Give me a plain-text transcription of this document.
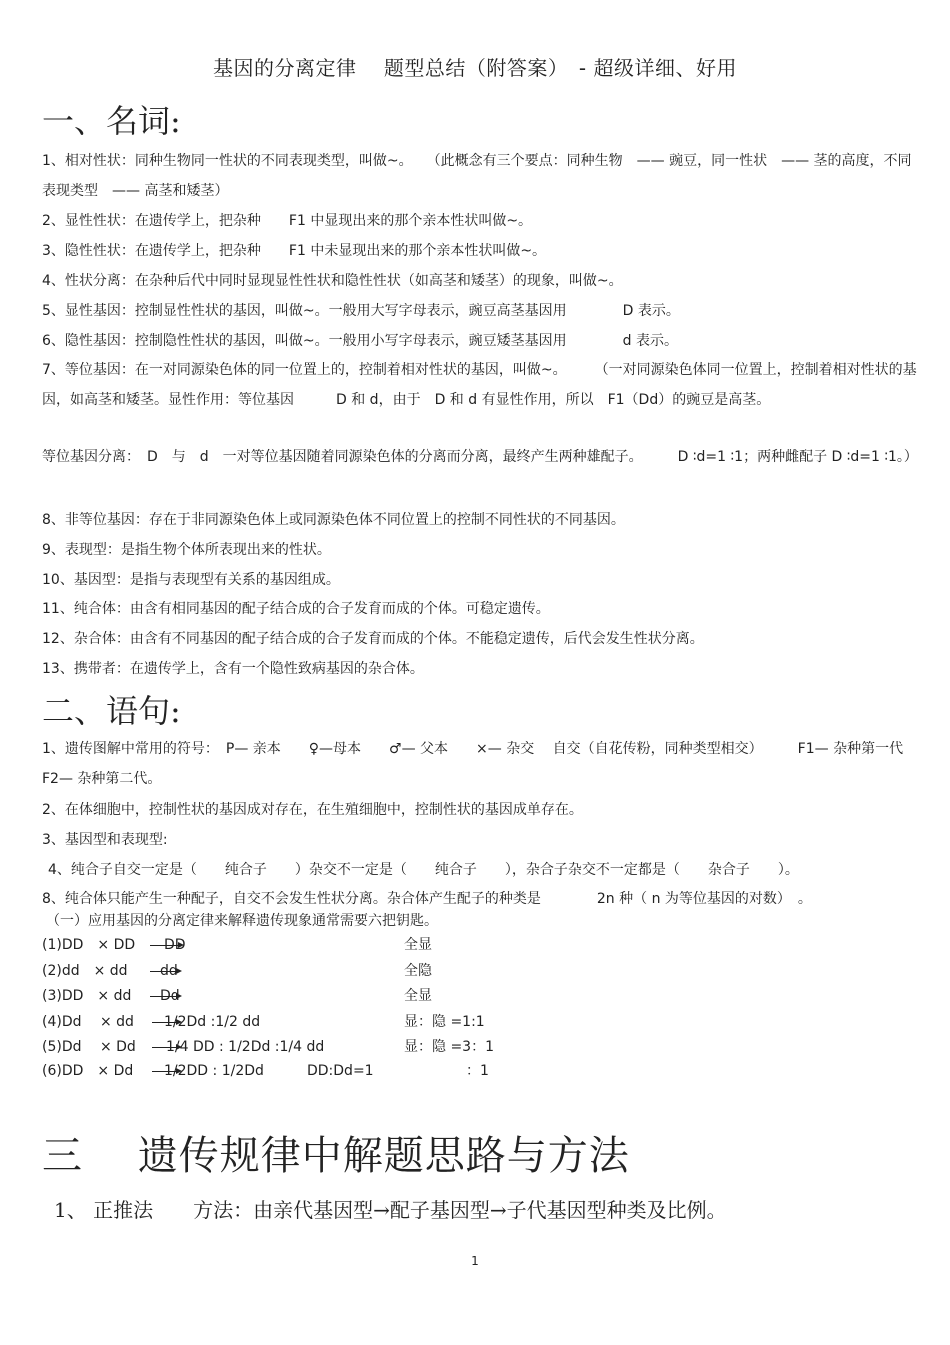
基因的分离定律　 题型总结（附答案）　- 超级详细、好用
一、名词:
1、相对性状：同种生物同一性状的不同表现类型，叫做~。　　（此概念有三个要点：同种生物　—— 豌豆，同一性状　—— 茎的高度，不同表现类型　—— 高茎和矮茎）
2、显性性状：在遗传学上，把杂种　　F1 中显现出来的那个亲本性状叫做~。
3、隐性性状：在遗传学上，把杂种　　F1 中未显现出来的那个亲本性状叫做~。
4、性状分离：在杂种后代中同时显现显性性状和隐性性状（如高茎和矮茎）的现象，叫做~。
5、显性基因：控制显性性状的基因，叫做~。一般用大写字母表示，豌豆高茎基因用　　　　D 表示。
6、隐性基因：控制隐性性状的基因，叫做~。一般用小写字母表示，豌豆矮茎基因用　　　　d 表示。
7、等位基因：在一对同源染色体的同一位置上的，控制着相对性状的基因，叫做~。　　　（一对同源染色体同一位置上，控制着相对性状的基因，如高茎和矮茎。显性作用：等位基因　　　D 和 d，由于　D 和 d 有显性作用，所以　F1（Dd）的豌豆是高茎。
等位基因分离：　D　与　d　一对等位基因随着同源染色体的分离而分离，最终产生两种雄配子。　　　D ∶d=1 ∶1；两种雌配子 D ∶d=1 ∶1。）
8、非等位基因：存在于非同源染色体上或同源染色体不同位置上的控制不同性状的不同基因。
9、表现型：是指生物个体所表现出来的性状。
10、基因型：是指与表现型有关系的基因组成。
11、纯合体：由含有相同基因的配子结合成的合子发育而成的个体。可稳定遗传。
12、杂合体：由含有不同基因的配子结合成的合子发育而成的个体。不能稳定遗传，后代会发生性状分离。
13、携带者：在遗传学上，含有一个隐性致病基因的杂合体。
二、语句:
1、遗传图解中常用的符号：　P— 亲本　　♀—母本　　♂— 父本　　×— 杂交　 自交（自花传粉，同种类型相交）　　　F1— 杂种第一代　　F2— 杂种第二代。
2、在体细胞中，控制性状的基因成对存在，在生殖细胞中，控制性状的基因成单存在。
3、基因型和表现型:
4、纯合子自交一定是（　　纯合子　　）杂交不一定是（　　纯合子　　），杂合子杂交不一定都是（　　杂合子　　）。
8、纯合体只能产生一种配子，自交不会发生性状分离。杂合体产生配子的种类是　　　　2n 种（ n 为等位基因的对数）　。
（一）应用基因的分离定律来解释遗传现象通常需要六把钥匙。
(1)DD　× DD DD	全显
(2)dd　× dd dd	全隐
(3)DD　× dd Dd	全显
(4)Dd　 × dd 1/2Dd :1/2 dd	显：隐 =1:1
(5)Dd　 × Dd 1/4 DD : 1/2Dd :1/4 dd	显：隐 =3：1
(6)DD　× Dd 1/2DD : 1/2Dd	DD:Dd=1	：1
三　 遗传规律中解题思路与方法
1、 正推法　　方法：由亲代基因型→配子基因型→子代基因型种类及比例。
1
